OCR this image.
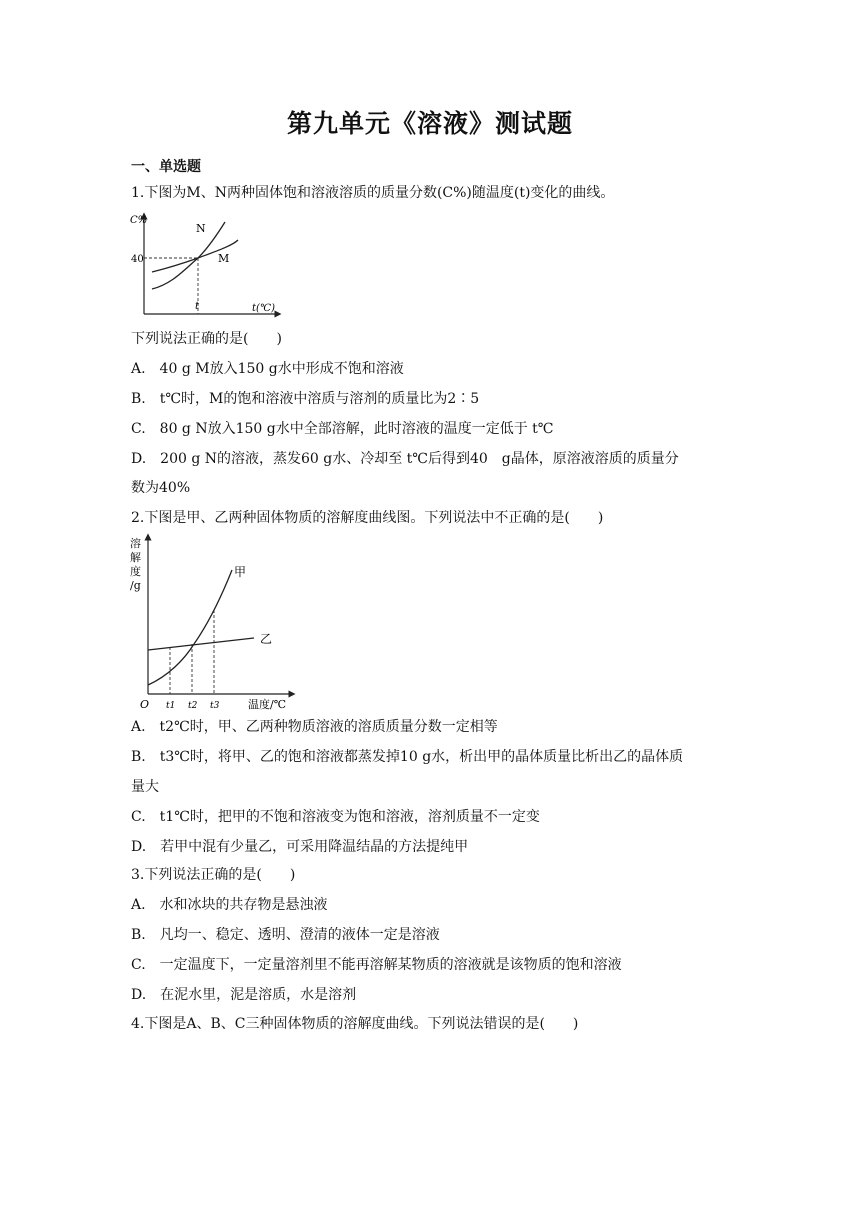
第九单元《溶液》测试题
一、单选题
1.下图为M、N两种固体饱和溶液溶质的质量分数(C%)随温度(t)变化的曲线。
C%
40
N
M
t	t(℃)
下列说法正确的是(　　)
A.　40 g M放入150 g水中形成不饱和溶液
B.　t℃时，M的饱和溶液中溶质与溶剂的质量比为2∶5
C.　80 g N放入150 g水中全部溶解，此时溶液的温度一定低于 t℃
D.　200 g N的溶液，蒸发60 g水、冷却至 t℃后得到40　g晶体，原溶液溶质的质量分
数为40%
2.下图是甲、乙两种固体物质的溶解度曲线图。下列说法中不正确的是(　　)
溶
解
度
/g
甲
乙
O t1 t2 t3	温度/℃
A.　t2℃时，甲、乙两种物质溶液的溶质质量分数一定相等
B.　t3℃时，将甲、乙的饱和溶液都蒸发掉10 g水，析出甲的晶体质量比析出乙的晶体质
量大
C.　t1℃时，把甲的不饱和溶液变为饱和溶液，溶剂质量不一定变
D.　若甲中混有少量乙，可采用降温结晶的方法提纯甲
3.下列说法正确的是(　　)
A.　水和冰块的共存物是悬浊液
B.　凡均一、稳定、透明、澄清的液体一定是溶液
C.　一定温度下，一定量溶剂里不能再溶解某物质的溶液就是该物质的饱和溶液
D.　在泥水里，泥是溶质，水是溶剂
4.下图是A、B、C三种固体物质的溶解度曲线。下列说法错误的是(　　)
